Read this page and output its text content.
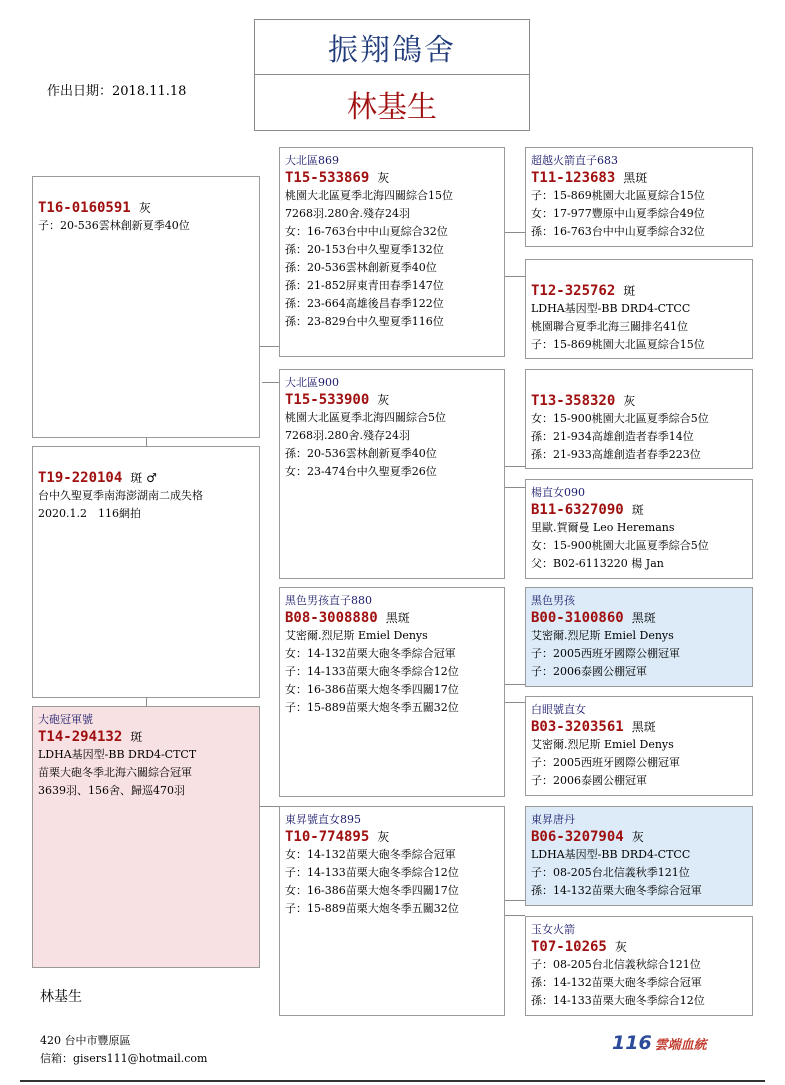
振翔鴿舍
林基生
作出日期：2018.11.18
T16-0160591 灰
子：20-536雲林創新夏季40位
T19-220104 斑 ♂
台中久聖夏季南海澎湖南二成失格
2020.1.2　116網拍
大砲冠軍號
T14-294132 斑
LDHA基因型-BB DRD4-CTCT
苗栗大砲冬季北海六關綜合冠軍
3639羽、156舍、歸巡470羽
大北區869
T15-533869 灰
桃園大北區夏季北海四關綜合15位
7268羽.280舍.殘存24羽
女：16-763台中中山夏綜合32位
孫：20-153台中久聖夏季132位
孫：20-536雲林創新夏季40位
孫：21-852屏東青田春季147位
孫：23-664高雄後昌春季122位
孫：23-829台中久聖夏季116位
大北區900
T15-533900 灰
桃園大北區夏季北海四關綜合5位
7268羽.280舍.殘存24羽
孫：20-536雲林創新夏季40位
女：23-474台中久聖夏季26位
黑色男孩直子880
B08-3008880 黑斑
艾密爾.烈尼斯 Emiel Denys
女：14-132苗栗大砲冬季綜合冠軍
子：14-133苗栗大砲冬季綜合12位
女：16-386苗栗大炮冬季四關17位
子：15-889苗栗大炮冬季五關32位
東昇號直女895
T10-774895 灰
女：14-132苗栗大砲冬季綜合冠軍
子：14-133苗栗大砲冬季綜合12位
女：16-386苗栗大炮冬季四關17位
子：15-889苗栗大炮冬季五關32位
超越火箭直子683
T11-123683 黑斑
子：15-869桃園大北區夏綜合15位
女：17-977豐原中山夏季綜合49位
孫：16-763台中中山夏季綜合32位
T12-325762 斑
LDHA基因型-BB DRD4-CTCC
桃園聯合夏季北海三關排名41位
子：15-869桃園大北區夏綜合15位
T13-358320 灰
女：15-900桃園大北區夏季綜合5位
孫：21-934高雄創造者春季14位
孫：21-933高雄創造者春季223位
楊直女090
B11-6327090 斑
里歐.賀爾曼 Leo Heremans
女：15-900桃園大北區夏季綜合5位
父：B02-6113220 楊 Jan
黑色男孩
B00-3100860 黑斑
艾密爾.烈尼斯 Emiel Denys
子：2005西班牙國際公棚冠軍
子：2006泰國公棚冠軍
白眼號直女
B03-3203561 黑斑
艾密爾.烈尼斯 Emiel Denys
子：2005西班牙國際公棚冠軍
子：2006泰國公棚冠軍
東昇唐丹
B06-3207904 灰
LDHA基因型-BB DRD4-CTCC
子：08-205台北信義秋季121位
孫：14-132苗栗大砲冬季綜合冠軍
玉女火箭
T07-10265 灰
子：08-205台北信義秋綜合121位
孫：14-132苗栗大砲冬季綜合冠軍
孫：14-133苗栗大砲冬季綜合12位
林基生
420 台中市豐原區
信箱：gisers111@hotmail.com
116 雲端血統
